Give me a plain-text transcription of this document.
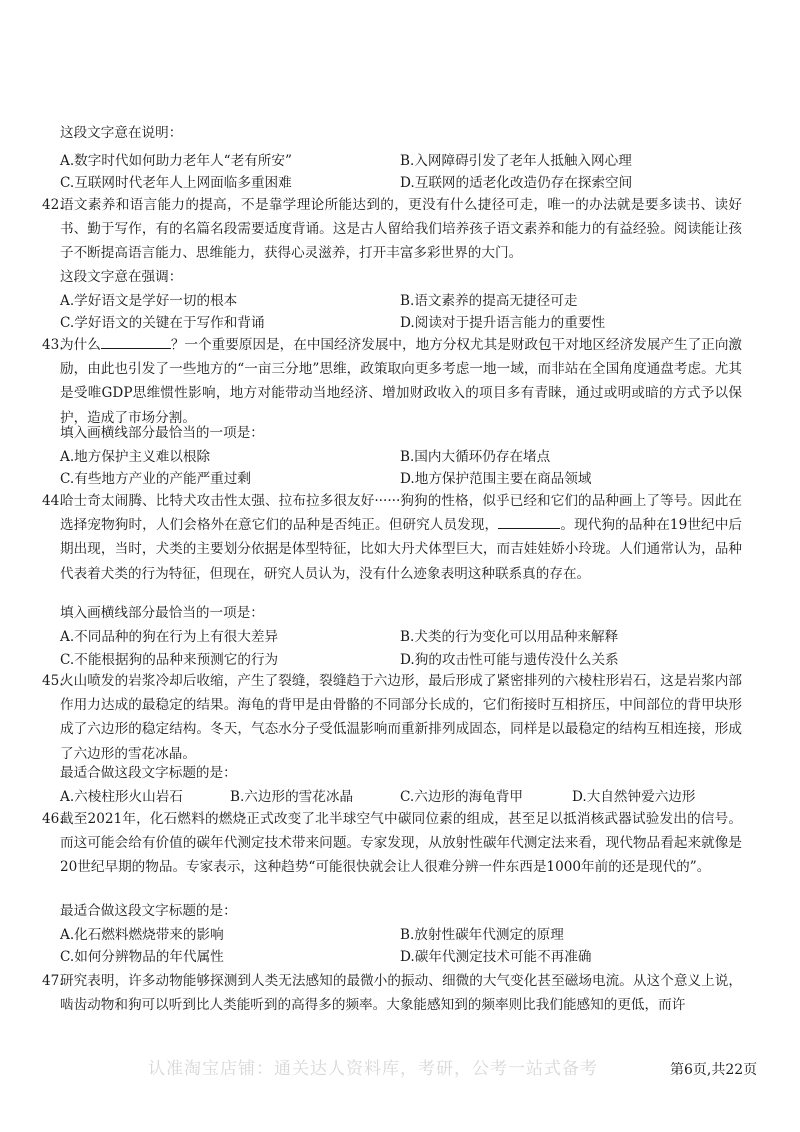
这段文字意在说明：
A.数字时代如何助力老年人“老有所安”	B.入网障碍引发了老年人抵触入网心理
C.互联网时代老年人上网面临多重困难	D.互联网的适老化改造仍存在探索空间
42.
语文素养和语言能力的提高，不是靠学理论所能达到的，更没有什么捷径可走，唯一的办法就是要多读书、读好书、勤于写作，有的名篇名段需要适度背诵。这是古人留给我们培养孩子语文素养和能力的有益经验。阅读能让孩子不断提高语言能力、思维能力，获得心灵滋养，打开丰富多彩世界的大门。
这段文字意在强调：
A.学好语文是学好一切的根本	B.语文素养的提高无捷径可走
C.学好语文的关键在于写作和背诵	D.阅读对于提升语言能力的重要性
43.
为什么	？一个重要原因是，在中国经济发展中，地方分权尤其是财政包干对地区经济发展产生了正向激励，由此也引发了一些地方的“一亩三分地”思维，政策取向更多考虑一地一域，而非站在全国角度通盘考虑。尤其是受唯GDP思维惯性影响，地方对能带动当地经济、增加财政收入的项目多有青睐，通过或明或暗的方式予以保护，造成了市场分割。
填入画横线部分最恰当的一项是：
A.地方保护主义难以根除	B.国内大循环仍存在堵点
C.有些地方产业的产能严重过剩	D.地方保护范围主要在商品领域
44.
哈士奇太闹腾、比特犬攻击性太强、拉布拉多很友好······狗狗的性格，似乎已经和它们的品种画上了等号。因此在选择宠物狗时，人们会格外在意它们的品种是否纯正。但研究人员发现，	。现代狗的品种在19世纪中后期出现，当时，犬类的主要划分依据是体型特征，比如大丹犬体型巨大，而吉娃娃娇小玲珑。人们通常认为，品种代表着犬类的行为特征，但现在，研究人员认为，没有什么迹象表明这种联系真的存在。
填入画横线部分最恰当的一项是：
A.不同品种的狗在行为上有很大差异	B.犬类的行为变化可以用品种来解释
C.不能根据狗的品种来预测它的行为	D.狗的攻击性可能与遗传没什么关系
45.
火山喷发的岩浆冷却后收缩，产生了裂缝，裂缝趋于六边形，最后形成了紧密排列的六棱柱形岩石，这是岩浆内部作用力达成的最稳定的结果。海龟的背甲是由骨骼的不同部分长成的，它们衔接时互相挤压，中间部位的背甲块形成了六边形的稳定结构。冬天，气态水分子受低温影响而重新排列成固态，同样是以最稳定的结构互相连接，形成了六边形的雪花冰晶。
最适合做这段文字标题的是：
A.六棱柱形火山岩石	B.六边形的雪花冰晶	C.六边形的海龟背甲	D.大自然钟爱六边形
46.
截至2021年，化石燃料的燃烧正式改变了北半球空气中碳同位素的组成，甚至足以抵消核武器试验发出的信号。而这可能会给有价值的碳年代测定技术带来问题。专家发现，从放射性碳年代测定法来看，现代物品看起来就像是20世纪早期的物品。专家表示，这种趋势“可能很快就会让人很难分辨一件东西是1000年前的还是现代的”。
最适合做这段文字标题的是：
A.化石燃料燃烧带来的影响	B.放射性碳年代测定的原理
C.如何分辨物品的年代属性	D.碳年代测定技术可能不再准确
47.
研究表明，许多动物能够探测到人类无法感知的最微小的振动、细微的大气变化甚至磁场电流。从这个意义上说，啮齿动物和狗可以听到比人类能听到的高得多的频率。大象能感知到的频率则比我们能感知的更低，而许
认准淘宝店铺：通关达人资料库，考研，公考一站式备考	第6页,共22页
